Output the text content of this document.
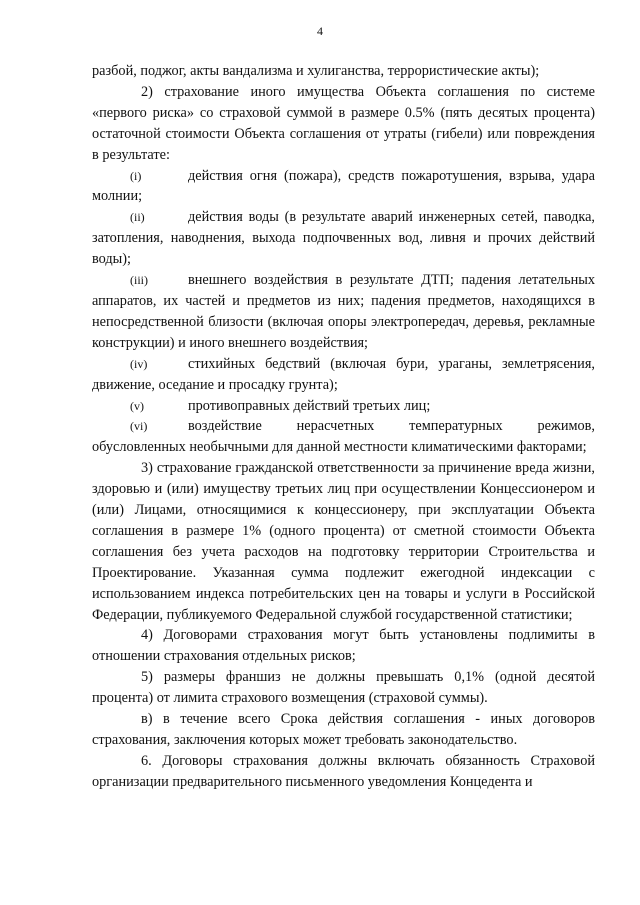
4

разбой, поджог, акты вандализма и хулиганства, террористические акты);

2) страхование иного имущества Объекта соглашения по системе «первого риска» со страховой суммой в размере 0.5% (пять десятых процента) остаточной стоимости Объекта соглашения от утраты (гибели) или повреждения в результате:

(i)	действия огня (пожара), средств пожаротушения, взрыва, удара молнии;

(ii)	действия воды (в результате аварий инженерных сетей, паводка, затопления, наводнения, выхода подпочвенных вод, ливня и прочих действий воды);

(iii)	внешнего воздействия в результате ДТП; падения летательных аппаратов, их частей и предметов из них; падения предметов, находящихся в непосредственной близости (включая опоры электропередач, деревья, рекламные конструкции) и иного внешнего воздействия;

(iv)	стихийных бедствий (включая бури, ураганы, землетрясения, движение, оседание и просадку грунта);

(v)	противоправных действий третьих лиц;

(vi)	воздействие нерасчетных температурных режимов, обусловленных необычными для данной местности климатическими факторами;

3) страхование гражданской ответственности за причинение вреда жизни, здоровью и (или) имуществу третьих лиц при осуществлении Концессионером и (или) Лицами, относящимися к концессионеру, при эксплуатации Объекта соглашения в размере 1% (одного процента) от сметной стоимости Объекта соглашения без учета расходов на подготовку территории Строительства и Проектирование. Указанная сумма подлежит ежегодной индексации с использованием индекса потребительских цен на товары и услуги в Российской Федерации, публикуемого Федеральной службой государственной статистики;

4) Договорами страхования могут быть установлены подлимиты в отношении страхования отдельных рисков;

5) размеры франшиз не должны превышать 0,1% (одной десятой процента) от лимита страхового возмещения (страховой суммы).

в) в течение всего Срока действия соглашения - иных договоров страхования, заключения которых может требовать законодательство.

6. Договоры страхования должны включать обязанность Страховой организации предварительного письменного уведомления Концедента и
